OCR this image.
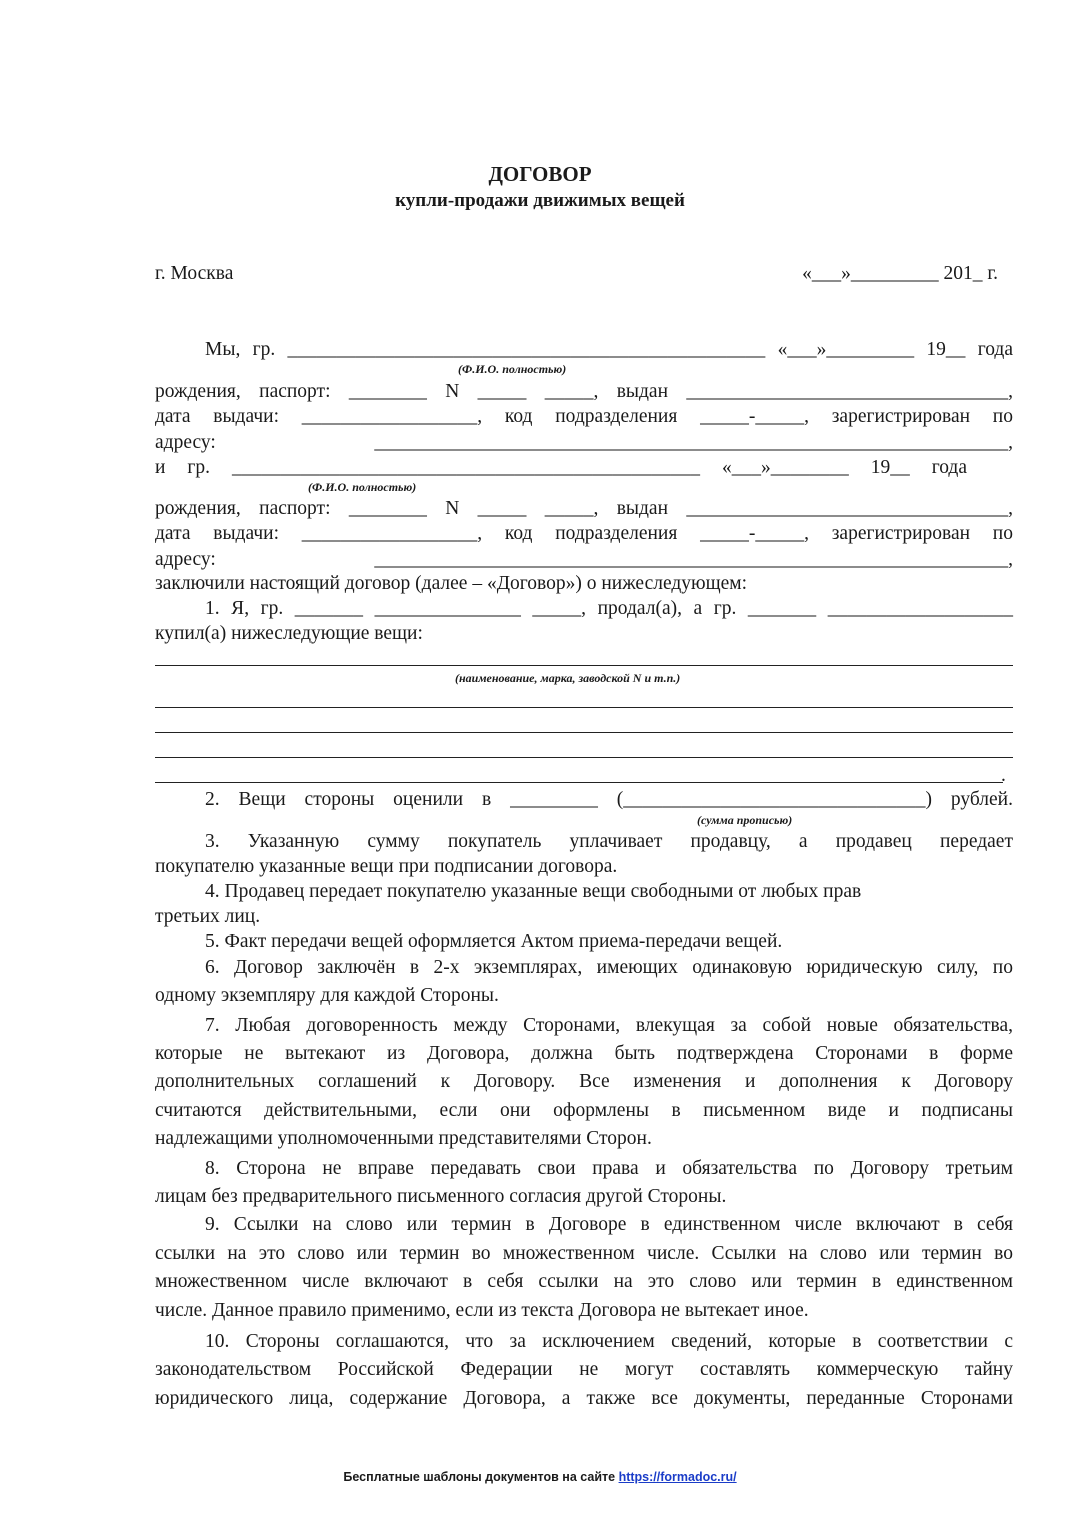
ДОГОВОР
купли-продажи движимых вещей
г. Москва	«___»_________ 201_ г.
Мы, гр. _________________________________________________ «___»_________ 19__ года
(Ф.И.О. полностью)
рождения, паспорт: ________ N _____ _____, выдан _________________________________,
дата выдачи: __________________, код подразделения _____-_____, зарегистрирован по
адресу: _________________________________________________________________,
и гр. ________________________________________________ «___»________ 19__ года
(Ф.И.О. полностью)
рождения, паспорт: ________ N _____ _____, выдан _________________________________,
дата выдачи: __________________, код подразделения _____-_____, зарегистрирован по
адресу: _________________________________________________________________,
заключили настоящий договор (далее – «Договор») о нижеследующем:
1. Я, гр. _______ _______________ _____, продал(а), а гр. _______ ___________________
купил(а) нижеследующие вещи:
(наименование, марка, заводской N и т.п.)
.
2. Вещи стороны оценили в _________ (_______________________________) рублей.
(сумма прописью)
3. Указанную сумму покупатель уплачивает продавцу, а продавец передает
покупателю указанные вещи при подписании договора.
4. Продавец передает покупателю указанные вещи свободными от любых прав
третьих лиц.
5. Факт передачи вещей оформляется Актом приема-передачи вещей.
6. Договор заключён в 2-х экземплярах, имеющих одинаковую юридическую силу, по
одному экземпляру для каждой Стороны.
7. Любая договоренность между Сторонами, влекущая за собой новые обязательства,
которые не вытекают из Договора, должна быть подтверждена Сторонами в форме
дополнительных соглашений к Договору. Все изменения и дополнения к Договору
считаются действительными, если они оформлены в письменном виде и подписаны
надлежащими уполномоченными представителями Сторон.
8. Сторона не вправе передавать свои права и обязательства по Договору третьим
лицам без предварительного письменного согласия другой Стороны.
9. Ссылки на слово или термин в Договоре в единственном числе включают в себя
ссылки на это слово или термин во множественном числе. Ссылки на слово или термин во
множественном числе включают в себя ссылки на это слово или термин в единственном
числе. Данное правило применимо, если из текста Договора не вытекает иное.
10. Стороны соглашаются, что за исключением сведений, которые в соответствии с
законодательством Российской Федерации не могут составлять коммерческую тайну
юридического лица, содержание Договора, а также все документы, переданные Сторонами
Бесплатные шаблоны документов на сайте https://formadoc.ru/
